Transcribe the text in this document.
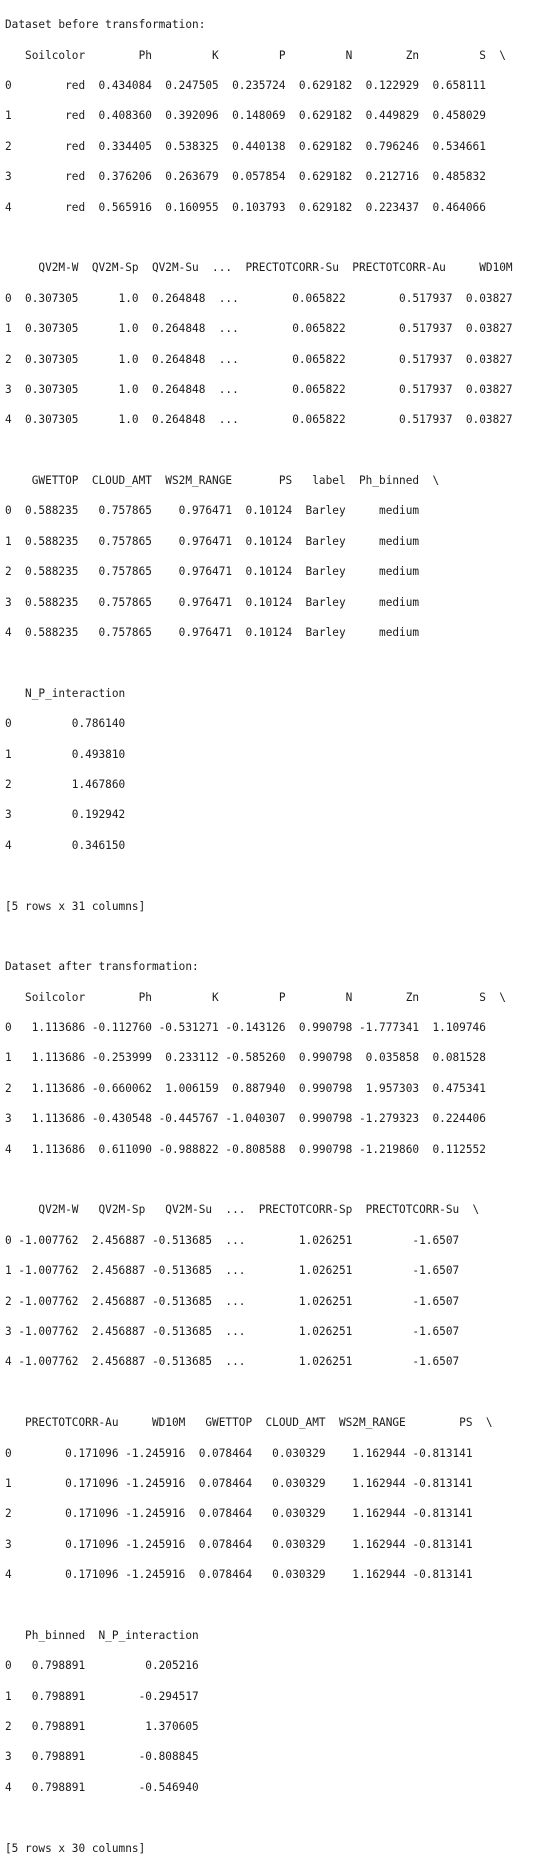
Dataset before transformation:

Soilcolor        Ph         K         P         N        Zn         S  \

0        red  0.434084  0.247505  0.235724  0.629182  0.122929  0.658111

1        red  0.408360  0.392096  0.148069  0.629182  0.449829  0.458029

2        red  0.334405  0.538325  0.440138  0.629182  0.796246  0.534661

3        red  0.376206  0.263679  0.057854  0.629182  0.212716  0.485832

4        red  0.565916  0.160955  0.103793  0.629182  0.223437  0.464066

QV2M-W  QV2M-Sp  QV2M-Su  ...  PRECTOTCORR-Su  PRECTOTCORR-Au     WD10M

0  0.307305      1.0  0.264848  ...        0.065822        0.517937  0.03827

1  0.307305      1.0  0.264848  ...        0.065822        0.517937  0.03827

2  0.307305      1.0  0.264848  ...        0.065822        0.517937  0.03827

3  0.307305      1.0  0.264848  ...        0.065822        0.517937  0.03827

4  0.307305      1.0  0.264848  ...        0.065822        0.517937  0.03827

GWETTOP  CLOUD_AMT  WS2M_RANGE       PS   label  Ph_binned  \

0  0.588235   0.757865    0.976471  0.10124  Barley     medium

1  0.588235   0.757865    0.976471  0.10124  Barley     medium

2  0.588235   0.757865    0.976471  0.10124  Barley     medium

3  0.588235   0.757865    0.976471  0.10124  Barley     medium

4  0.588235   0.757865    0.976471  0.10124  Barley     medium

N_P_interaction

0         0.786140

1         0.493810

2         1.467860

3         0.192942

4         0.346150

[5 rows x 31 columns]

Dataset after transformation:

Soilcolor        Ph         K         P         N        Zn         S  \

0   1.113686 -0.112760 -0.531271 -0.143126  0.990798 -1.777341  1.109746

1   1.113686 -0.253999  0.233112 -0.585260  0.990798  0.035858  0.081528

2   1.113686 -0.660062  1.006159  0.887940  0.990798  1.957303  0.475341

3   1.113686 -0.430548 -0.445767 -1.040307  0.990798 -1.279323  0.224406

4   1.113686  0.611090 -0.988822 -0.808588  0.990798 -1.219860  0.112552

QV2M-W   QV2M-Sp   QV2M-Su  ...  PRECTOTCORR-Sp  PRECTOTCORR-Su  \

0 -1.007762  2.456887 -0.513685  ...        1.026251         -1.6507

1 -1.007762  2.456887 -0.513685  ...        1.026251         -1.6507

2 -1.007762  2.456887 -0.513685  ...        1.026251         -1.6507

3 -1.007762  2.456887 -0.513685  ...        1.026251         -1.6507

4 -1.007762  2.456887 -0.513685  ...        1.026251         -1.6507

PRECTOTCORR-Au     WD10M   GWETTOP  CLOUD_AMT  WS2M_RANGE        PS  \

0        0.171096 -1.245916  0.078464   0.030329    1.162944 -0.813141

1        0.171096 -1.245916  0.078464   0.030329    1.162944 -0.813141

2        0.171096 -1.245916  0.078464   0.030329    1.162944 -0.813141

3        0.171096 -1.245916  0.078464   0.030329    1.162944 -0.813141

4        0.171096 -1.245916  0.078464   0.030329    1.162944 -0.813141

Ph_binned  N_P_interaction

0   0.798891         0.205216

1   0.798891        -0.294517

2   0.798891         1.370605

3   0.798891        -0.808845

4   0.798891        -0.546940

[5 rows x 30 columns]
